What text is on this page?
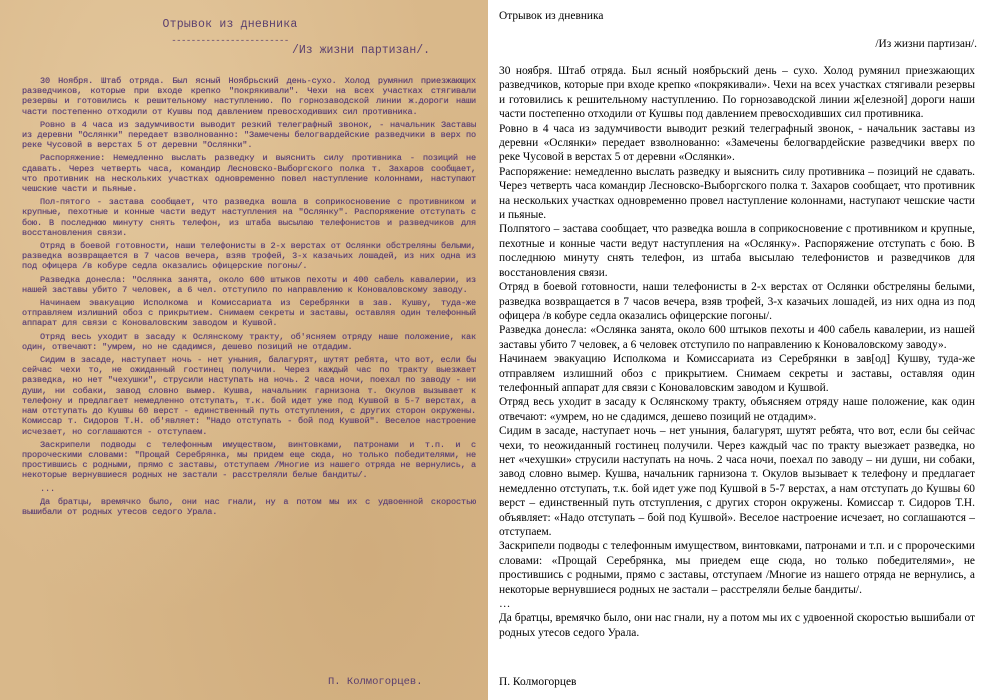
Отрывок из дневника
------------------------
/Из жизни партизан/.

30 Ноября. Штаб отряда. Был ясный Ноябрьский день-сухо. Холод румянил приезжающих разведчиков, которые при входе крепко "покрякивали". Чехи на всех участках стягивали резервы и готовились к решительному наступлению. По горнозаводской линии ж.дороги наши части постепенно отходили от Кушвы под давлением превосходивших сил противника.

Ровно в 4 часа из задумчивости выводит резкий телеграфный звонок, - начальник Заставы из деревни "Ослянки" передает взволнованно: "Замечены белогвардейские разведчики в верх по реке Чусовой в верстах 5 от деревни "Ослянки".

Распоряжение: Немедленно выслать разведку и выяснить силу противника - позиций не сдавать. Через четверть часа, командир Лесновско-Выборгского полка т. Захаров сообщает, что противник на нескольких участках одновременно повел наступление колоннами, наступают чешские части и пьяные.

Пол-пятого - застава сообщает, что разведка вошла в соприкосновение с противником и крупные, пехотные и конные части ведут наступления на "Ослянку". Распоряжение отступать с бою. В последнюю минуту снять телефон, из штаба высылаю телефонистов и разведчиков для восстановления связи.

Отряд в боевой готовности, наши телефонисты в 2-х верстах от Ослянки обстреляны белыми, разведка возвращается в 7 часов вечера, взяв трофей, 3-х казачьих лошадей, из них одна из под офицера /в кобуре седла оказались офицерские погоны/.

Разведка донесла: "Ослянка занята, около 600 штыков пехоты и 400 сабель кавалерии, из нашей заставы убито 7 человек, а 6 чел. отступило по направлению к Коноваловскому заводу.

Начинаем эвакуацию Исполкома и Комиссариата из Серебрянки в зав. Кушву, туда-же отправляем излишний обоз с прикрытием. Снимаем секреты и заставы, оставляя один телефонный аппарат для связи с Коноваловским заводом и Кушвой.

Отряд весь уходит в засаду к Ослянскому тракту, об'ясняем отряду наше положение, как один, отвечают: "умрем, но не сдадимся, дешево позиций не отдадим.

Сидим в засаде, наступает ночь - нет уныния, балагурят, шутят ребята, что вот, если бы сейчас чехи то, не ожиданный гостинец получили. Через каждый час по тракту выезжает разведка, но нет "чехушки", струсили наступать на ночь. 2 часа ночи, поехал по заводу - ни души, ни собаки, завод словно вымер. Кушва, начальник гарнизона т. Окулов вызывает к телефону и предлагает немедленно отступать, т.к. бой идет уже под Кушвой в 5-7 верстах, а нам отступать до Кушвы 60 верст - единственный путь отступления, с других сторон окружены. Комиссар т. Сидоров Т.Н. об'являет: "Надо отступать - бой под Кушвой". Веселое настроение исчезает, но соглашаются - отступаем.

Заскрипели подводы с телефонным имуществом, винтовками, патронами и т.п. и с пророческими словами: "Прощай Серебрянка, мы придем еще сюда, но только победителями, не простившись с родными, прямо с заставы, отступаем /Многие из нашего отряда не вернулись, а некоторые вернувшиеся родных не застали - расстреляли белые бандиты/.

...

Да братцы, времячко было, они нас гнали, ну а потом мы их с удвоенной скоростью вышибали от родных утесов седого Урала.

П. Колмогорцев.
Отрывок из дневника
/Из жизни партизан/.

30 ноября. Штаб отряда. Был ясный ноябрьский день – сухо. Холод румянил приезжающих разведчиков, которые при входе крепко «покрякивали». Чехи на всех участках стягивали резервы и готовились к решительному наступлению. По горнозаводской линии ж[елезной] дороги наши части постепенно отходили от Кушвы под давлением превосходивших сил противника.

Ровно в 4 часа из задумчивости выводит резкий телеграфный звонок, - начальник заставы из деревни «Ослянки» передает взволнованно: «Замечены белогвардейские разведчики вверх по реке Чусовой в верстах 5 от деревни «Ослянки».

Распоряжение: немедленно выслать разведку и выяснить силу противника – позиций не сдавать. Через четверть часа командир Лесновско-Выборгского полка т. Захаров сообщает, что противник на нескольких участках одновременно провел наступление колоннами, наступают чешские части и пьяные.

Полпятого – застава сообщает, что разведка вошла в соприкосновение с противником и крупные, пехотные и конные части ведут наступления на «Ослянку». Распоряжение отступать с бою. В последнюю минуту снять телефон, из штаба высылаю телефонистов и разведчиков для восстановления связи.

Отряд в боевой готовности, наши телефонисты в 2-х верстах от Ослянки обстреляны белыми, разведка возвращается в 7 часов вечера, взяв трофей, 3-х казачьих лошадей, из них одна из под офицера /в кобуре седла оказались офицерские погоны/.

Разведка донесла: «Ослянка занята, около 600 штыков пехоты и 400 сабель кавалерии, из нашей заставы убито 7 человек, а 6 человек отступило по направлению к Коноваловскому заводу».

Начинаем эвакуацию Исполкома и Комиссариата из Серебрянки в зав[од] Кушву, туда-же отправляем излишний обоз с прикрытием. Снимаем секреты и заставы, оставляя один телефонный аппарат для связи с Коноваловским заводом и Кушвой.

Отряд весь уходит в засаду к Ослянскому тракту, объясняем отряду наше положение, как один отвечают: «умрем, но не сдадимся, дешево позиций не отдадим».

Сидим в засаде, наступает ночь – нет уныния, балагурят, шутят ребята, что вот, если бы сейчас чехи, то неожиданный гостинец получили. Через каждый час по тракту выезжает разведка, но нет «чехушки» струсили наступать на ночь. 2 часа ночи, поехал по заводу – ни души, ни собаки, завод словно вымер. Кушва, начальник гарнизона т. Окулов вызывает к телефону и предлагает немедленно отступать, т.к. бой идет уже под Кушвой в 5-7 верстах, а нам отступать до Кушвы 60 верст – единственный путь отступления, с других сторон окружены. Комиссар т. Сидоров Т.Н. объявляет: «Надо отступать – бой под Кушвой». Веселое настроение исчезает, но соглашаются – отступаем.

Заскрипели подводы с телефонным имуществом, винтовками, патронами и т.п. и с пророческими словами: «Прощай Серебрянка, мы приедем еще сюда, но только победителями», не простившись с родными, прямо с заставы, отступаем /Многие из нашего отряда не вернулись, а некоторые вернувшиеся родных не застали – расстреляли белые бандиты/.

…

Да братцы, времячко было, они нас гнали, ну а потом мы их с удвоенной скоростью вышибали от родных утесов седого Урала.

П. Колмогорцев
